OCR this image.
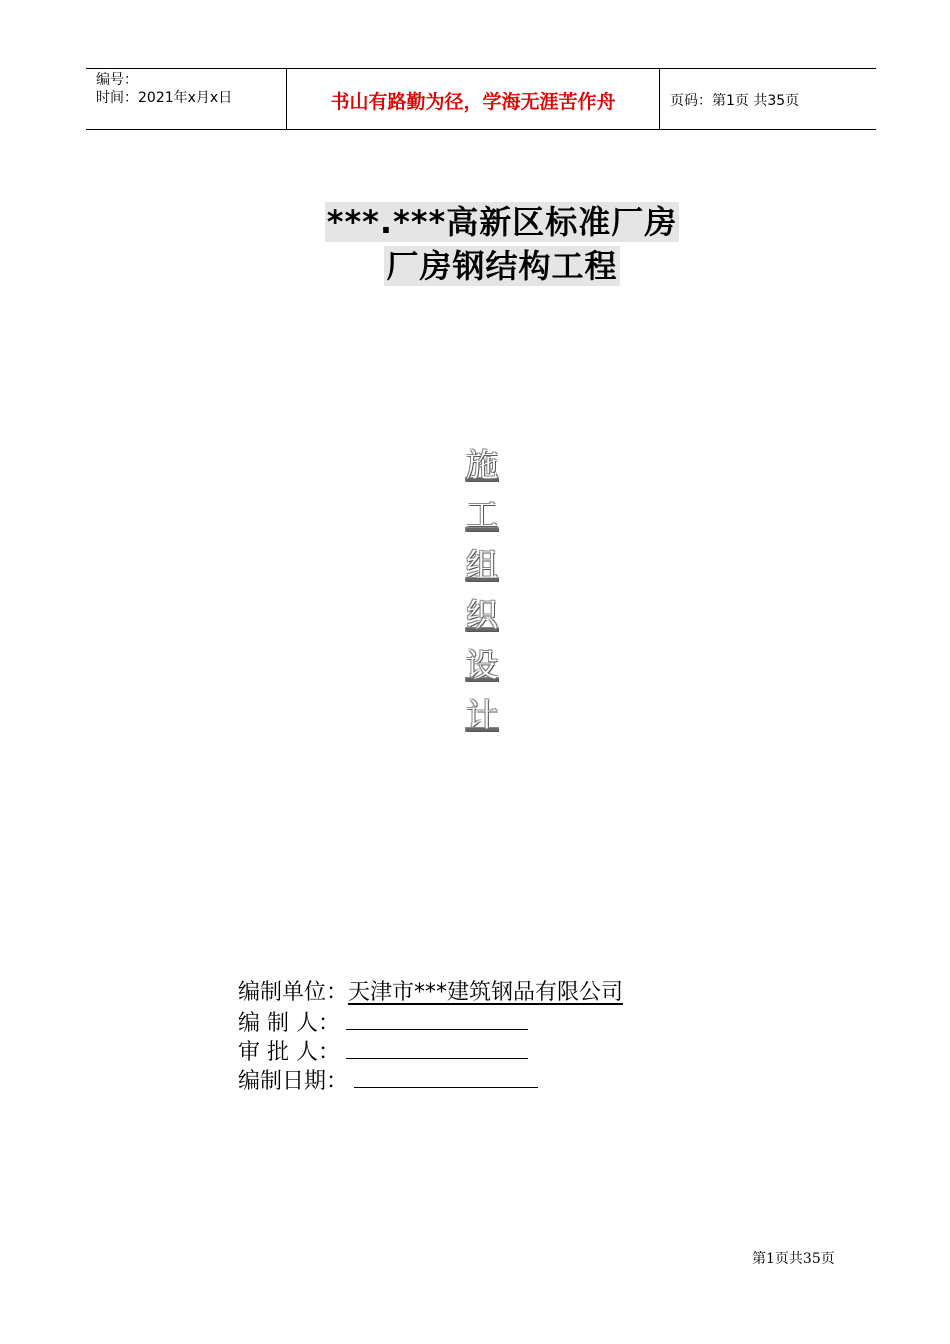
编号：
时间：2021年x月x日	书山有路勤为径，学海无涯苦作舟	页码：第1页 共35页
***.***高新区标准厂房
厂房钢结构工程
施
工
组
织
设
计
编制单位： 天津市***建筑钢品有限公司
编 制 人：
审 批 人：
编制日期：
第1页共35页
